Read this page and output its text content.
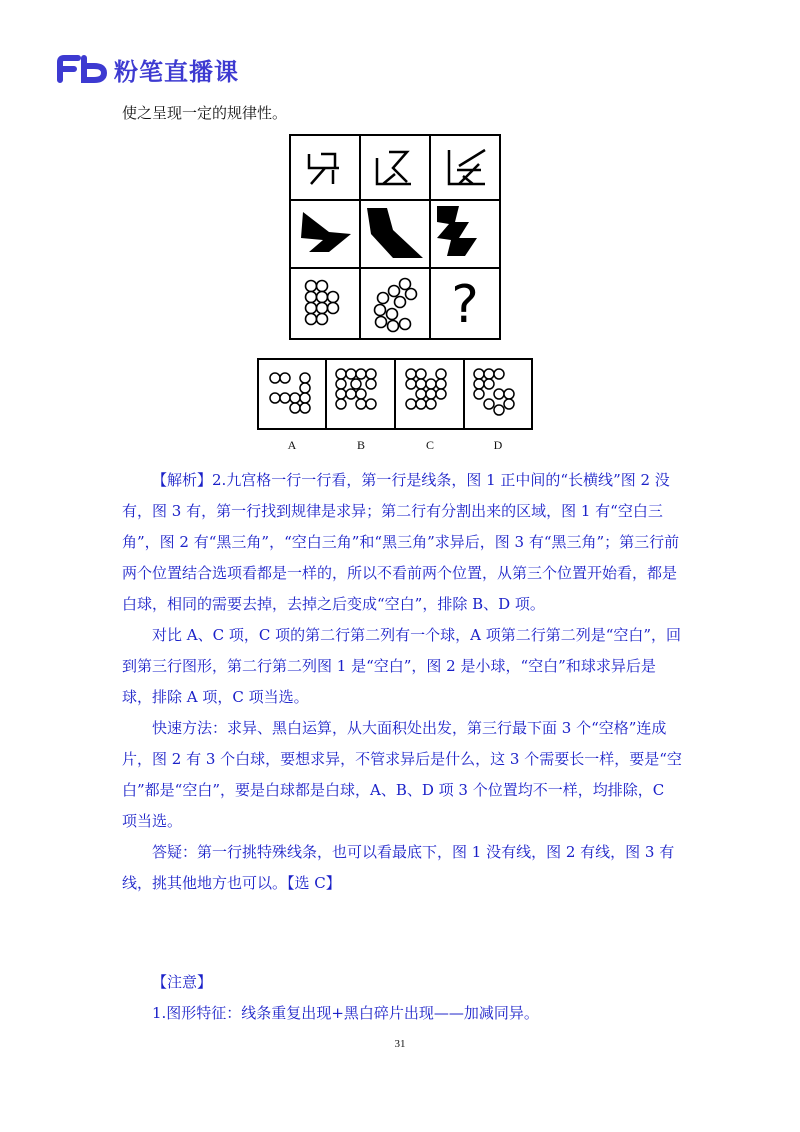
粉笔直播课
使之呈现一定的规律性。
?
A	B	C	D

【解析】2.九宫格一行一行看，第一行是线条，图 1 正中间的“长横线”图 2 没有，图 3 有，第一行找到规律是求异；第二行有分割出来的区域，图 1 有“空白三角”，图 2 有“黑三角”，“空白三角”和“黑三角”求异后，图 3 有“黑三角”；第三行前两个位置结合选项看都是一样的，所以不看前两个位置，从第三个位置开始看，都是白球，相同的需要去掉，去掉之后变成“空白”，排除 B、D 项。

对比 A、C 项，C 项的第二行第二列有一个球，A 项第二行第二列是“空白”，回到第三行图形，第二行第二列图 1 是“空白”，图 2 是小球，“空白”和球求异后是球，排除 A 项，C 项当选。

快速方法：求异、黑白运算，从大面积处出发，第三行最下面 3 个“空格”连成片，图 2 有 3 个白球，要想求异，不管求异后是什么，这 3 个需要长一样，要是“空白”都是“空白”，要是白球都是白球，A、B、D 项 3 个位置均不一样，均排除，C 项当选。

答疑：第一行挑特殊线条，也可以看最底下，图 1 没有线，图 2 有线，图 3 有线，挑其他地方也可以。【选 C】

【注意】

1.图形特征：线条重复出现+黑白碎片出现——加减同异。

31
